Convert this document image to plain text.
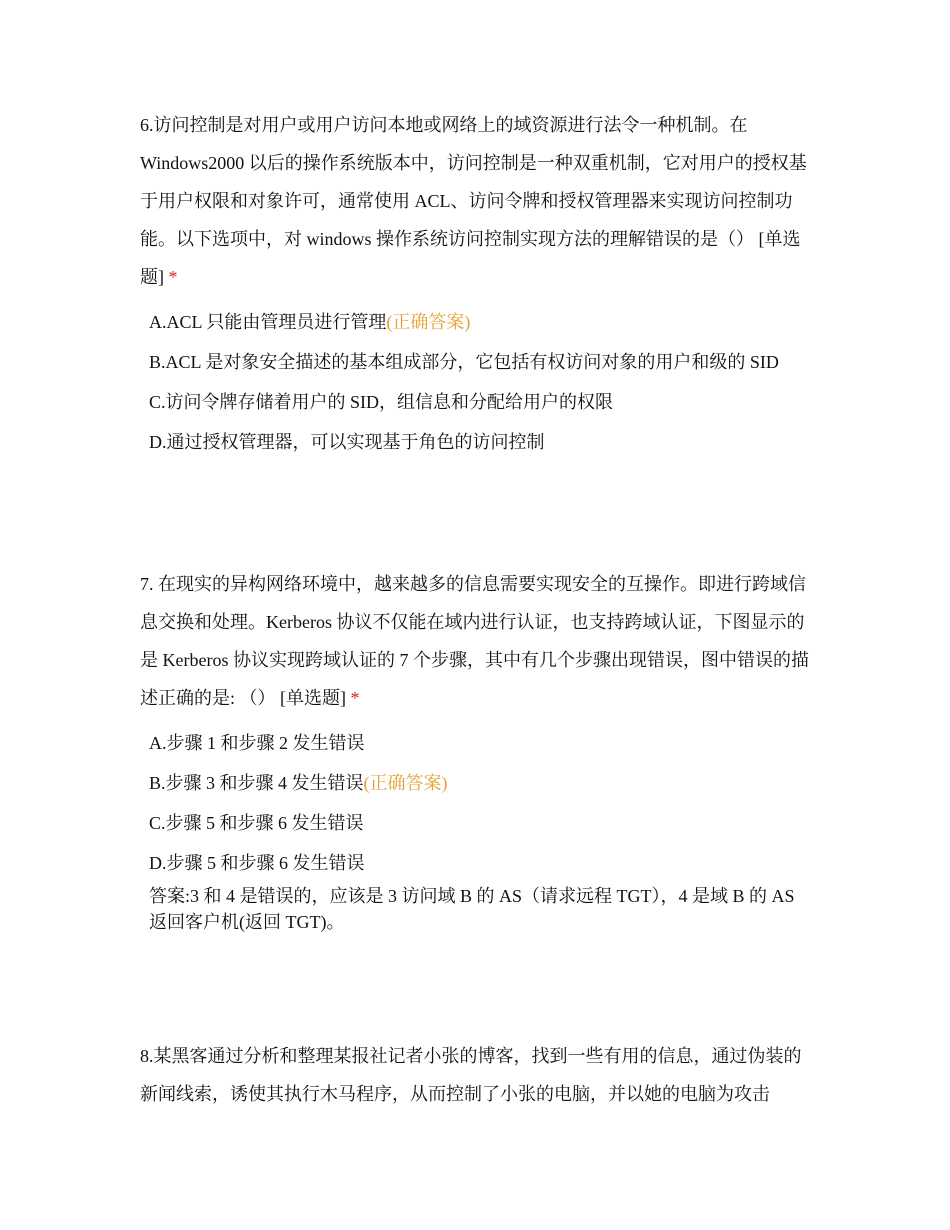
6.访问控制是对用户或用户访问本地或网络上的域资源进行法令一种机制。在Windows2000 以后的操作系统版本中，访问控制是一种双重机制，它对用户的授权基于用户权限和对象许可，通常使用 ACL、访问令牌和授权管理器来实现访问控制功能。以下选项中，对 windows 操作系统访问控制实现方法的理解错误的是（） [单选题] *

A.ACL 只能由管理员进行管理(正确答案)
B.ACL 是对象安全描述的基本组成部分，它包括有权访问对象的用户和级的 SID
C.访问令牌存储着用户的 SID，组信息和分配给用户的权限
D.通过授权管理器，可以实现基于角色的访问控制

7. 在现实的异构网络环境中，越来越多的信息需要实现安全的互操作。即进行跨域信息交换和处理。Kerberos 协议不仅能在域内进行认证，也支持跨域认证，下图显示的是 Kerberos 协议实现跨域认证的 7 个步骤，其中有几个步骤出现错误，图中错误的描述正确的是: （） [单选题] *

A.步骤 1 和步骤 2 发生错误
B.步骤 3 和步骤 4 发生错误(正确答案)
C.步骤 5 和步骤 6 发生错误
D.步骤 5 和步骤 6 发生错误

答案:3 和 4 是错误的，应该是 3 访问域 B 的 AS（请求远程 TGT），4 是域 B 的 AS 返回客户机(返回 TGT)。

8.某黑客通过分析和整理某报社记者小张的博客，找到一些有用的信息，通过伪装的新闻线索，诱使其执行木马程序，从而控制了小张的电脑，并以她的电脑为攻击
